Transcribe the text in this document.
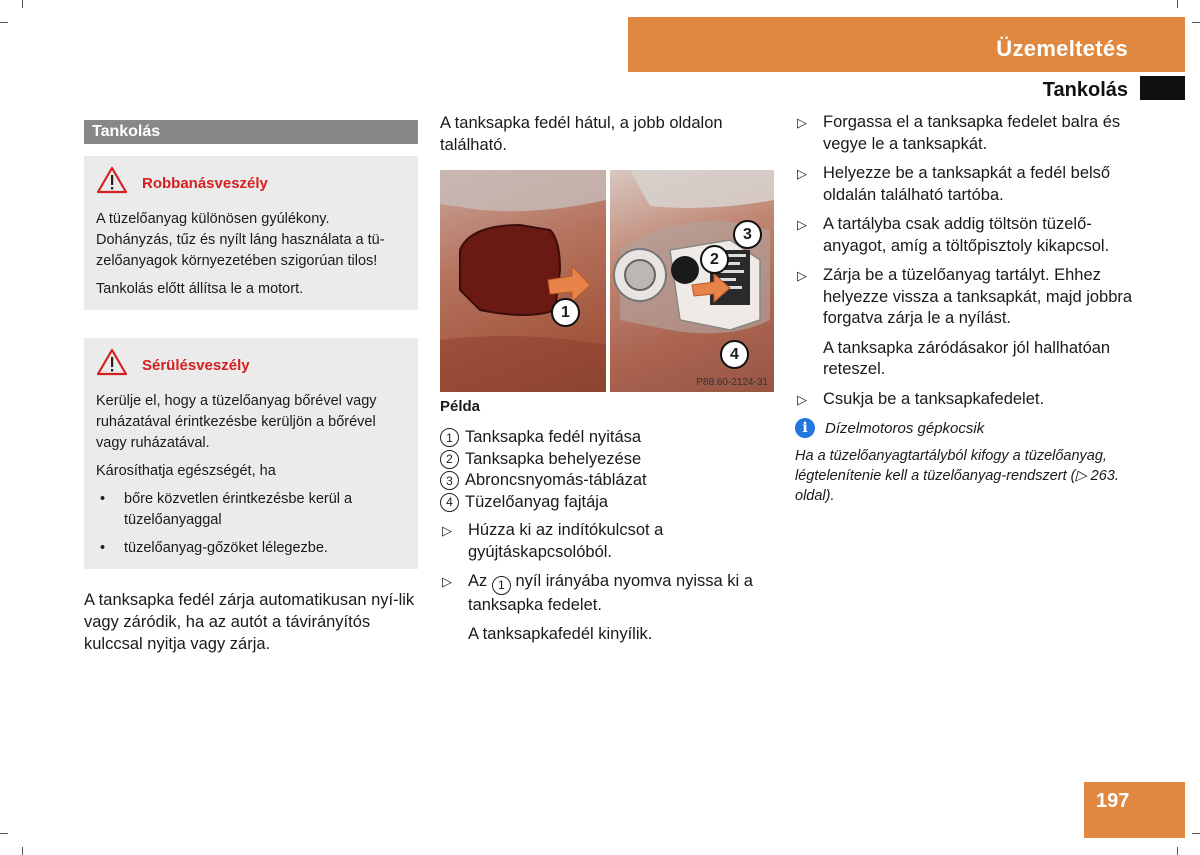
Üzemeltetés
Tankolás
Tankolás
Robbanásveszély

A tüzelőanyag különösen gyúlékony. Dohányzás, tűz és nyílt láng használata a tü-zelőanyagok környezetében szigorúan tilos!

Tankolás előtt állítsa le a motort.

Sérülésveszély

Kerülje el, hogy a tüzelőanyag bőrével vagy ruházatával érintkezésbe kerüljön a bőrével vagy ruházatával.

Károsíthatja egészségét, ha

• bőre közvetlen érintkezésbe kerül a tüzelőanyaggal
• tüzelőanyag-gőzöket lélegezbe.

A tanksapka fedél zárja automatikusan nyí-lik vagy záródik, ha az autót a távirányítós kulccsal nyitja vagy zárja.

A tanksapka fedél hátul, a jobb oldalon található.

1
2
3
4
P88.60-2124-31
Példa
1 Tanksapka fedél nyitása
2 Tanksapka behelyezése
3 Abroncsnyomás-táblázat
4 Tüzelőanyag fajtája
▷ Húzza ki az indítókulcsot a gyújtáskapcsolóból.
▷ Az 1 nyíl irányába nyomva nyissa ki a tanksapka fedelet.
A tanksapkafedél kinyílik.
▷ Forgassa el a tanksapka fedelet balra és vegye le a tanksapkát.
▷ Helyezze be a tanksapkát a fedél belső oldalán található tartóba.
▷ A tartályba csak addig töltsön tüzelő-anyagot, amíg a töltőpisztoly kikapcsol.
▷ Zárja be a tüzelőanyag tartályt. Ehhez helyezze vissza a tanksapkát, majd jobbra forgatva zárja le a nyílást.
A tanksapka záródásakor jól hallhatóan reteszel.
▷ Csukja be a tanksapkafedelet.
i	Dízelmotoros gépkocsik

Ha a tüzelőanyagtartályból kifogy a tüzelőanyag, légtelenítenie kell a tüzelőanyag-rendszert (▷ 263. oldal).

197
